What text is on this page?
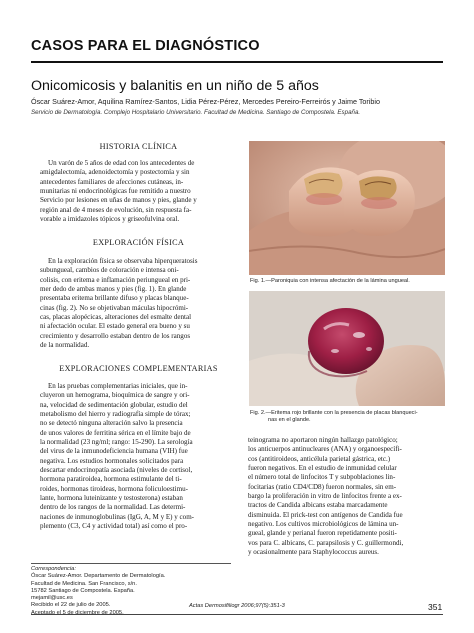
CASOS PARA EL DIAGNÓSTICO
Onicomicosis y balanitis en un niño de 5 años
Óscar Suárez-Amor, Aquilina Ramírez-Santos, Lidia Pérez-Pérez, Mercedes Pereiro-Ferreirós y Jaime Toribio
Servicio de Dermatología. Complejo Hospitalario Universitario. Facultad de Medicina. Santiago de Compostela. España.
HISTORIA CLÍNICA
Un varón de 5 años de edad con los antecedentes de
amigdalectomía, adenoidectomía y postectomía y sin
antecedentes familiares de afecciones cutáneas, in-
munitarias ni endocrinológicas fue remitido a nuestro
Servicio por lesiones en uñas de manos y pies, glande y
región anal de 4 meses de evolución, sin respuesta fa-
vorable a imidazoles tópicos y griseofulvina oral.
EXPLORACIÓN FÍSICA
En la exploración física se observaba hiperqueratosis
subungueal, cambios de coloración e intensa oni-
colisis, con eritema e inflamación periungueal en pri-
mer dedo de ambas manos y pies (fig. 1). En glande
presentaba eritema brillante difuso y placas blanque-
cinas (fig. 2). No se objetivaban máculas hipocrómi-
cas, placas alopécicas, alteraciones del esmalte dental
ni afectación ocular. El estado general era bueno y su
crecimiento y desarrollo estaban dentro de los rangos
de la normalidad.
EXPLORACIONES COMPLEMENTARIAS
En las pruebas complementarias iniciales, que in-
cluyeron un hemograma, bioquímica de sangre y ori-
na, velocidad de sedimentación globular, estudio del
metabolismo del hierro y radiografía simple de tórax;
no se detectó ninguna alteración salvo la presencia
de unos valores de ferritina sérica en el límite bajo de
la normalidad (23 ng/ml; rango: 15-290). La serología
del virus de la inmunodeficiencia humana (VIH) fue
negativa. Los estudios hormonales solicitados para
descartar endocrinopatía asociada (niveles de cortisol,
hormona paratiroidea, hormona estimulante del ti-
roides, hormonas tiroideas, hormona foliculoestimu-
lante, hormona luteinizante y testosterona) estaban
dentro de los rangos de la normalidad. Las determi-
naciones de inmunoglobulinas (IgG, A, M y E) y com-
plemento (C3, C4 y actividad total) así como el pro-
Fig. 1.—Paroniquia con intensa afectación de la lámina ungueal.
Fig. 2.—Eritema rojo brillante con la presencia de placas blanqueci-
nas en el glande.
teinograma no aportaron ningún hallazgo patológico;
los anticuerpos antinucleares (ANA) y organoespecífi-
cos (antitiroideos, anticélula parietal gástrica, etc.)
fueron negativos. En el estudio de inmunidad celular
el número total de linfocitos T y subpoblaciones lin-
focitarias (ratio CD4/CD8) fueron normales, sin em-
bargo la proliferación in vitro de linfocitos frente a ex-
tractos de Candida albicans estaba marcadamente
disminuida. El prick-test con antígenos de Candida fue
negativo. Los cultivos microbiológicos de lámina un-
gueal, glande y perianal fueron repetidamente positi-
vos para C. albicans, C. parapsilosis y C. guillermondi,
y ocasionalmente para Staphylococcus aureus.
Correspondencia:
Óscar Suárez-Amor. Departamento de Dermatología.
Facultad de Medicina. San Francisco, s/n.
15782 Santiago de Compostela. España.
mejamil@usc.es
Recibido el 22 de julio de 2005.
Aceptado el 5 de diciembre de 2005.
Actas Dermosifiliogr 2006;97(5):351-3	351
